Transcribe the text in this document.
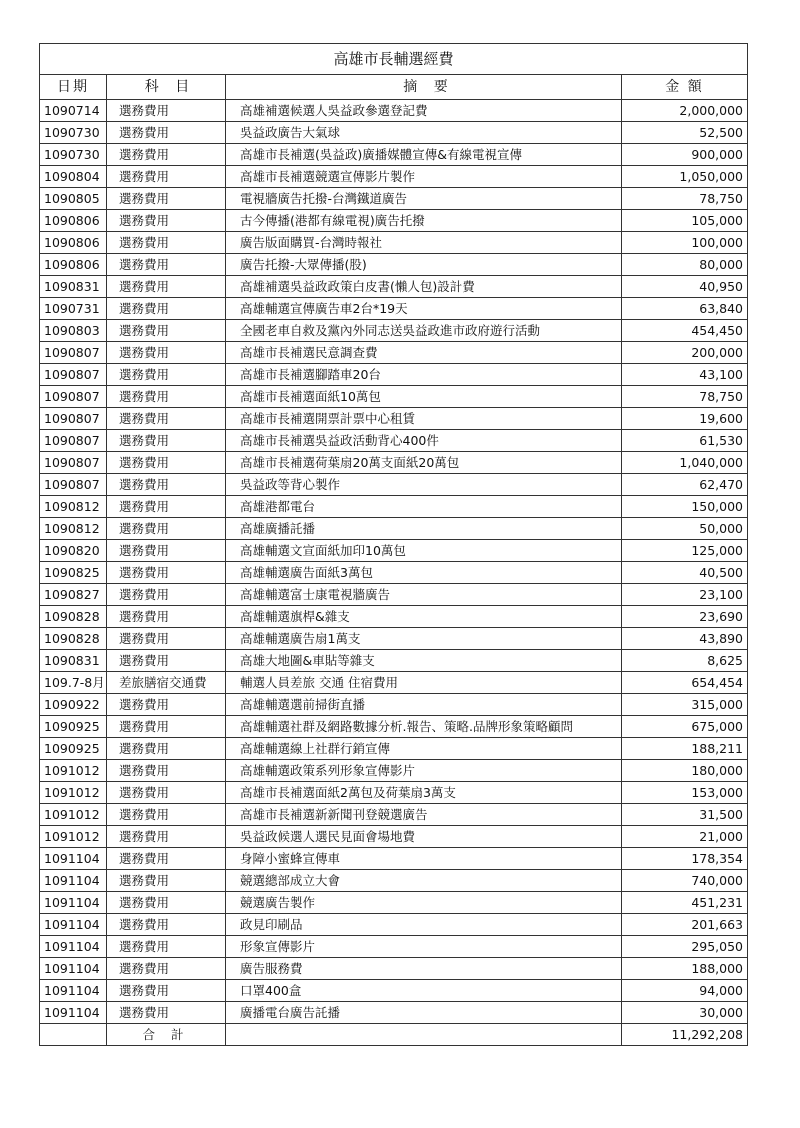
高雄市長輔選經費			
日期	科 目	摘 要	金 額
1090714	選務費用	高雄補選候選人吳益政參選登記費	2,000,000
1090730	選務費用	吳益政廣告大氣球	52,500
1090730	選務費用	高雄市長補選(吳益政)廣播媒體宣傳&有線電視宣傳	900,000
1090804	選務費用	高雄市長補選競選宣傳影片製作	1,050,000
1090805	選務費用	電視牆廣告托撥-台灣鐵道廣告	78,750
1090806	選務費用	古今傳播(港都有線電視)廣告托撥	105,000
1090806	選務費用	廣告版面購買-台灣時報社	100,000
1090806	選務費用	廣告托撥-大眾傳播(股)	80,000
1090831	選務費用	高雄補選吳益政政策白皮書(懶人包)設計費	40,950
1090731	選務費用	高雄輔選宣傳廣告車2台*19天	63,840
1090803	選務費用	全國老車自救及黨內外同志送吳益政進市政府遊行活動	454,450
1090807	選務費用	高雄市長補選民意調查費	200,000
1090807	選務費用	高雄市長補選腳踏車20台	43,100
1090807	選務費用	高雄市長補選面紙10萬包	78,750
1090807	選務費用	高雄市長補選開票計票中心租賃	19,600
1090807	選務費用	高雄市長補選吳益政活動背心400件	61,530
1090807	選務費用	高雄市長補選荷葉扇20萬支面紙20萬包	1,040,000
1090807	選務費用	吳益政等背心製作	62,470
1090812	選務費用	高雄港都電台	150,000
1090812	選務費用	高雄廣播託播	50,000
1090820	選務費用	高雄輔選文宣面紙加印10萬包	125,000
1090825	選務費用	高雄輔選廣告面紙3萬包	40,500
1090827	選務費用	高雄輔選富士康電視牆廣告	23,100
1090828	選務費用	高雄輔選旗桿&雜支	23,690
1090828	選務費用	高雄輔選廣告扇1萬支	43,890
1090831	選務費用	高雄大地圖&車貼等雜支	8,625
109.7-8月	差旅膳宿交通費	輔選人員差旅 交通 住宿費用	654,454
1090922	選務費用	高雄輔選選前掃街直播	315,000
1090925	選務費用	高雄輔選社群及網路數據分析.報告、策略.品牌形象策略顧問	675,000
1090925	選務費用	高雄輔選線上社群行銷宣傳	188,211
1091012	選務費用	高雄輔選政策系列形象宣傳影片	180,000
1091012	選務費用	高雄市長補選面紙2萬包及荷葉扇3萬支	153,000
1091012	選務費用	高雄市長補選新新聞刊登競選廣告	31,500
1091012	選務費用	吳益政候選人選民見面會場地費	21,000
1091104	選務費用	身障小蜜蜂宣傳車	178,354
1091104	選務費用	競選總部成立大會	740,000
1091104	選務費用	競選廣告製作	451,231
1091104	選務費用	政見印刷品	201,663
1091104	選務費用	形象宣傳影片	295,050
1091104	選務費用	廣告服務費	188,000
1091104	選務費用	口罩400盒	94,000
1091104	選務費用	廣播電台廣告託播	30,000
	合 計		11,292,208
